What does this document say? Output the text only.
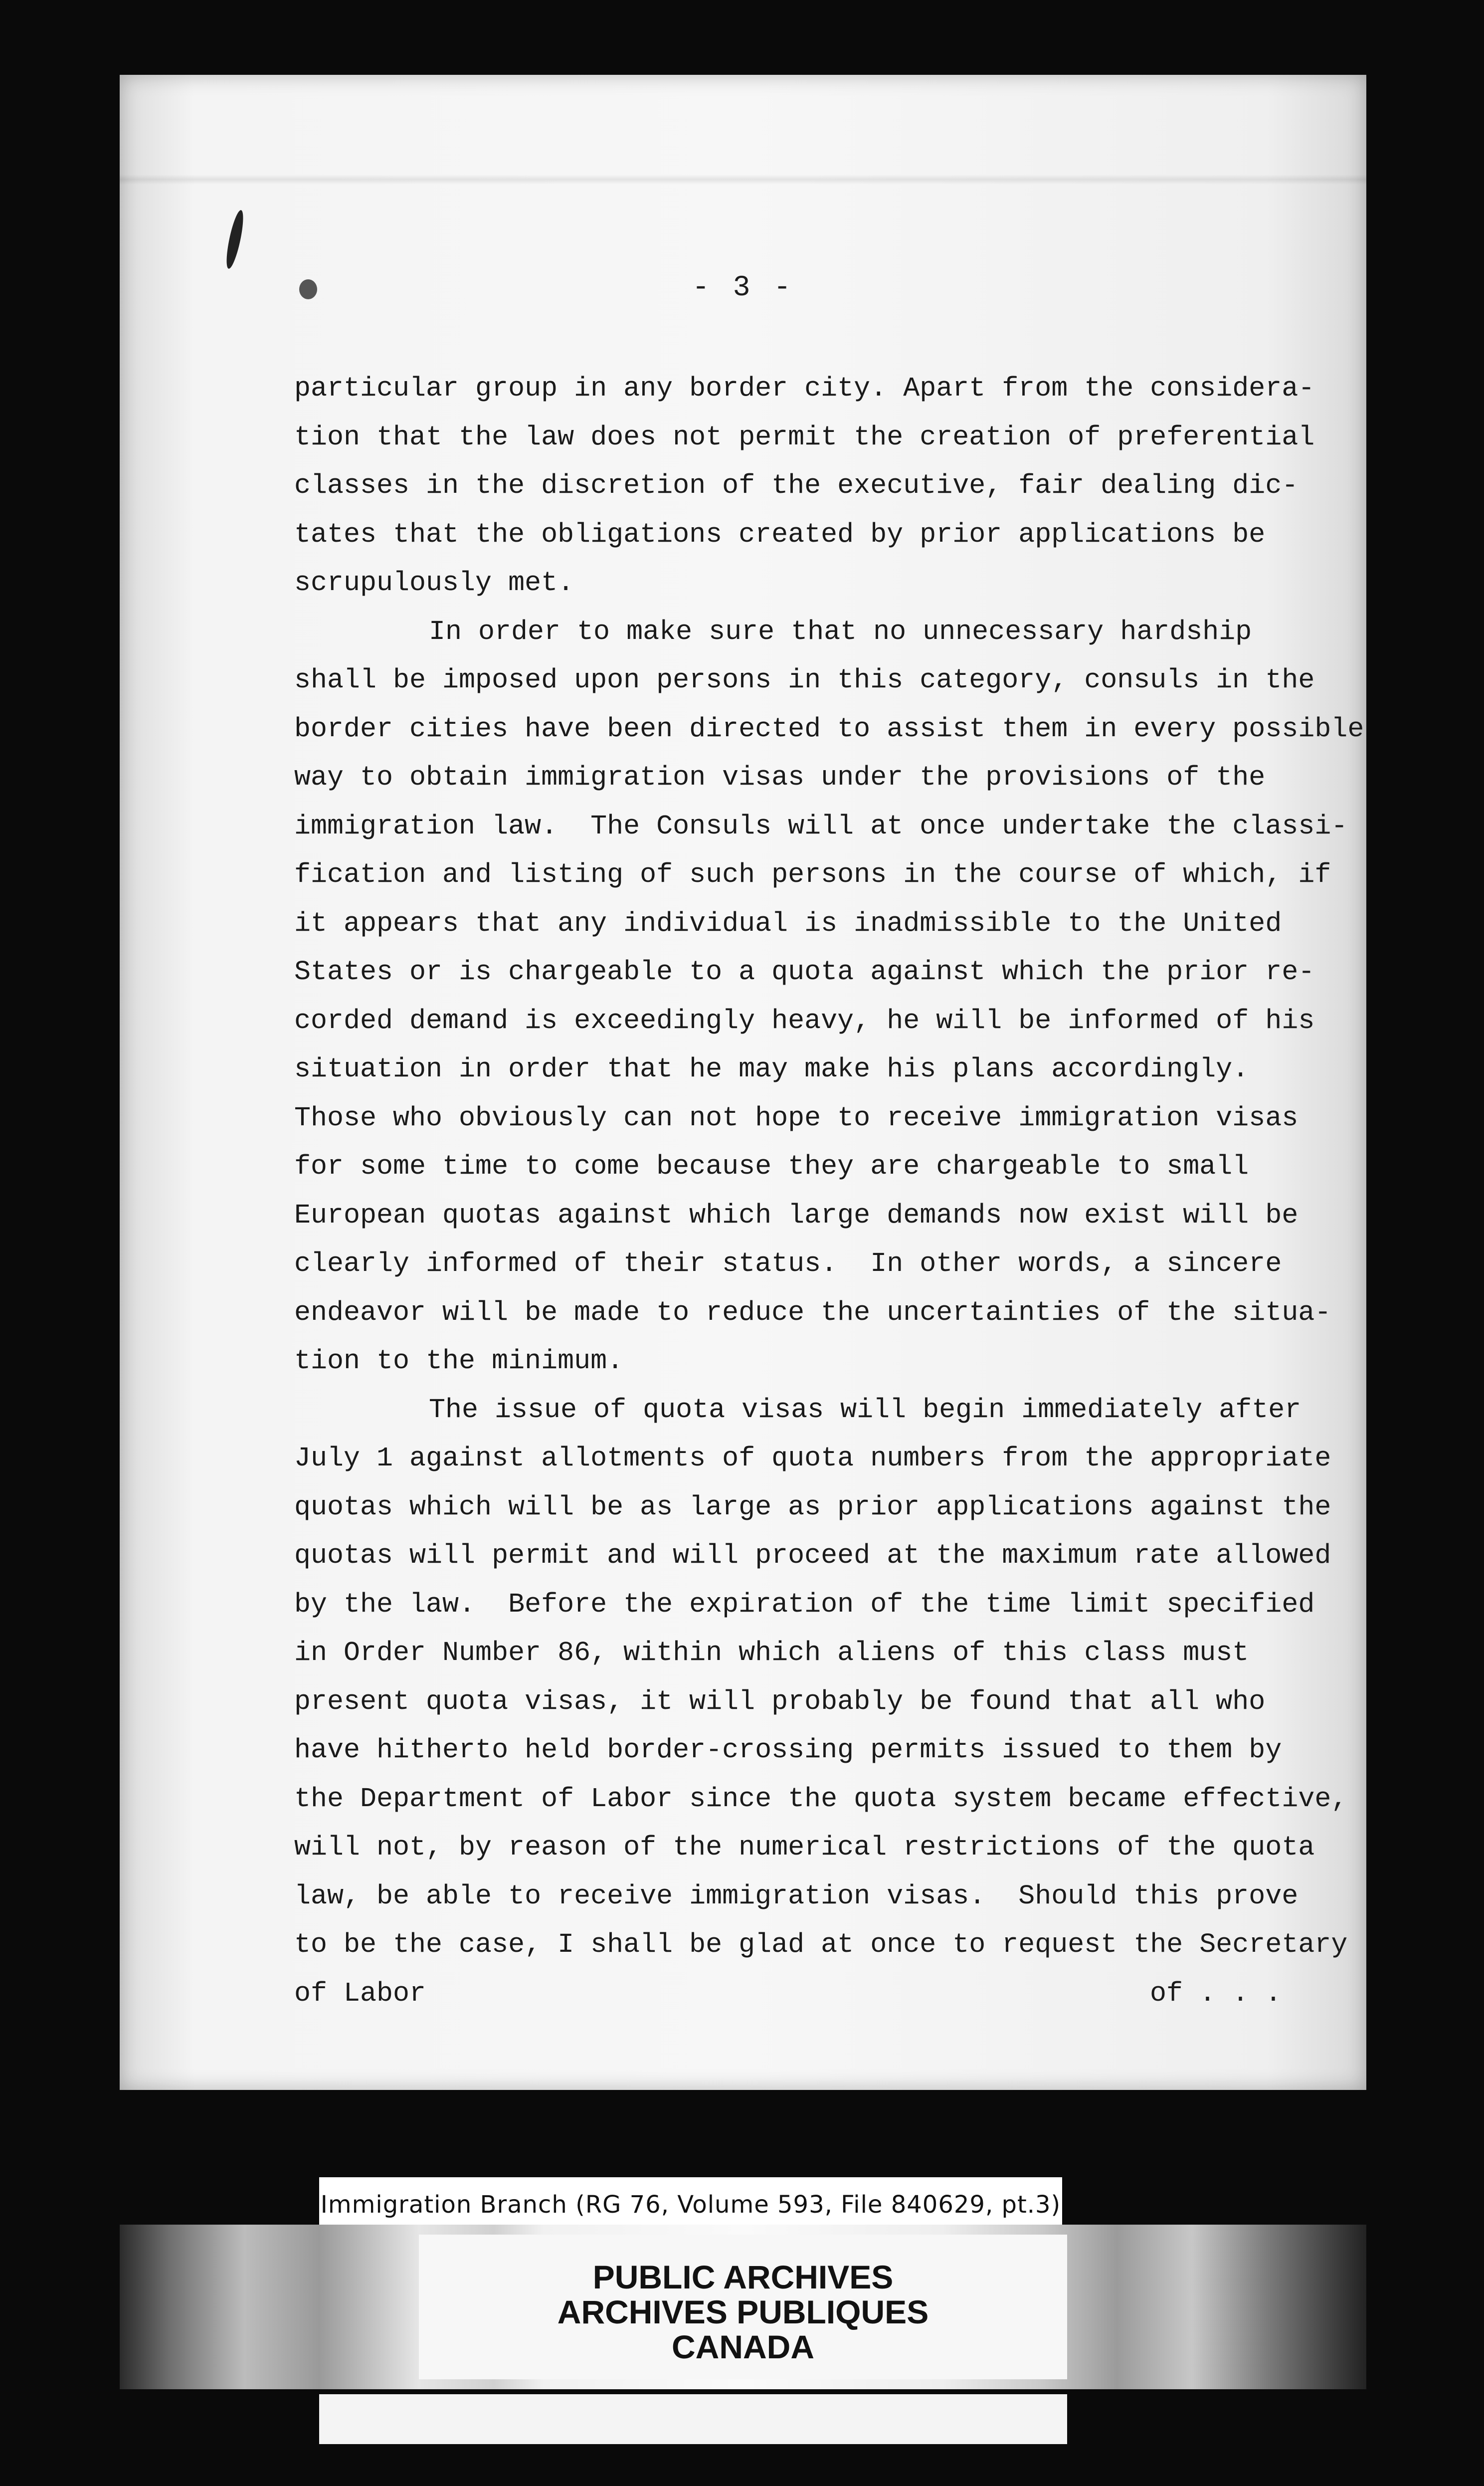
- 3 -
particular group in any border city. Apart from the considera-
tion that the law does not permit the creation of preferential
classes in the discretion of the executive, fair dealing dic-
tates that the obligations created by prior applications be
scrupulously met.
In order to make sure that no unnecessary hardship
shall be imposed upon persons in this category, consuls in the
border cities have been directed to assist them in every possible
way to obtain immigration visas under the provisions of the
immigration law.  The Consuls will at once undertake the classi-
fication and listing of such persons in the course of which, if
it appears that any individual is inadmissible to the United
States or is chargeable to a quota against which the prior re-
corded demand is exceedingly heavy, he will be informed of his
situation in order that he may make his plans accordingly.
Those who obviously can not hope to receive immigration visas
for some time to come because they are chargeable to small
European quotas against which large demands now exist will be
clearly informed of their status.  In other words, a sincere
endeavor will be made to reduce the uncertainties of the situa-
tion to the minimum.
The issue of quota visas will begin immediately after
July 1 against allotments of quota numbers from the appropriate
quotas which will be as large as prior applications against the
quotas will permit and will proceed at the maximum rate allowed
by the law.  Before the expiration of the time limit specified
in Order Number 86, within which aliens of this class must
present quota visas, it will probably be found that all who
have hitherto held border-crossing permits issued to them by
the Department of Labor since the quota system became effective,
will not, by reason of the numerical restrictions of the quota
law, be able to receive immigration visas.  Should this prove
to be the case, I shall be glad at once to request the Secretary
of Labor	of . . .
Immigration Branch (RG 76, Volume 593, File 840629, pt.3)
PUBLIC ARCHIVES
ARCHIVES PUBLIQUES
CANADA
